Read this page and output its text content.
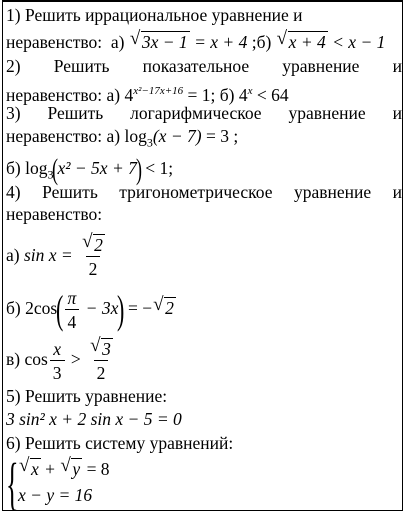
1) Решить иррациональное уравнение и
неравенство: а) √ 3x − 1 = x + 4 ;б) √ x + 4 < x − 1
2) Решить показательное уравнение и
неравенство: а) $4^{x^2-17x+16} = 1$; б) $4^x < 64$
3) Решить логарифмическое уравнение и
неравенство: а) $\log_3(x - 7) = 3$ ;
б) $\log_3(x^2 - 5x + 7) < 1$;
4) Решить тригонометрическое уравнение и
неравенство:
а) $\sin x = \frac{√ 2}{2}$
б) $2\cos( \frac{\pi}{4} - 3x)$ = − √ 2
в) $\cos \frac{x}{3} > \frac{√ 3}{2}$
5) Решить уравнение:
3 sin² x + 2 sin x − 5 = 0
6) Решить систему уравнений:
{ √ x + √ y = 8
x − y = 16
